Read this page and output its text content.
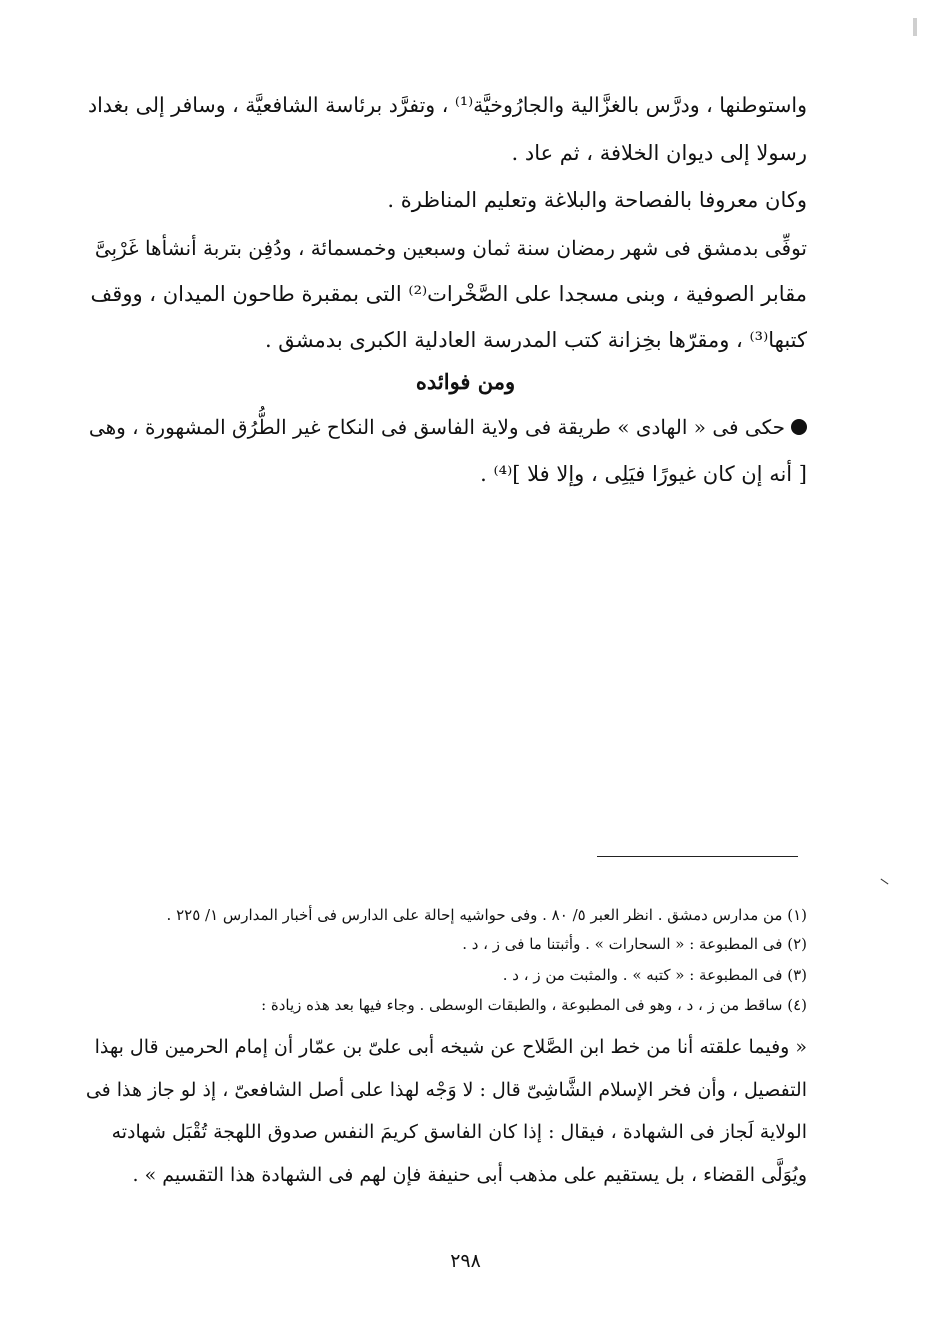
واستوطنها ، ودرَّس بالغزَّالية والجارُوخيَّة⁽¹⁾ ، وتفرَّد برئاسة الشافعيَّة ، وسافر إلى بغداد
رسولا إلى ديوان الخلافة ، ثم عاد .
وكان معروفا بالفصاحة والبلاغة وتعليم المناظرة .
توفِّى بدمشق فى شهر رمضان سنة ثمان وسبعين وخمسمائة ، ودُفِن بتربة أنشأها غَرْبِىَّ
مقابر الصوفية ، وبنى مسجدا على الصَّخْرات⁽²⁾ التى بمقبرة طاحون الميدان ، ووقف
كتبها⁽³⁾ ، ومقرّها بخِزانة كتب المدرسة العادلية الكبرى بدمشق .
ومن فوائده
حكى فى « الهادى » طريقة فى ولاية الفاسق فى النكاح غير الطُّرُق المشهورة ، وهى
[ أنه إن كان غيورًا فيَلِى ، وإلا فلا ]⁽⁴⁾ .
(١) من مدارس دمشق . انظر العبر ٥/ ٨٠ . وفى حواشيه إحالة على الدارس فى أخبار المدارس ١/ ٢٢٥ .
(٢) فى المطبوعة : « السحارات » . وأثبتنا ما فى ز ، د .
(٣) فى المطبوعة : « كتبه » . والمثبت من ز ، د .
(٤) ساقط من ز ، د ، وهو فى المطبوعة ، والطبقات الوسطى . وجاء فيها بعد هذه زيادة :
« وفيما علقته أنا من خط ابن الصَّلاح عن شيخه أبى علىّ بن عمّار أن إمام الحرمين قال بهذا
التفصيل ، وأن فخر الإسلام الشَّاشِىّ قال : لا وَجْه لهذا على أصل الشافعىّ ، إذ لو جاز هذا فى
الولاية لَجاز فى الشهادة ، فيقال : إذا كان الفاسق كريمَ النفس صدوق اللهجة تُقْبَل شهادته
ويُوَلَّى القضاء ، بل يستقيم على مذهب أبى حنيفة فإن لهم فى الشهادة هذا التقسيم » .
٢٩٨
